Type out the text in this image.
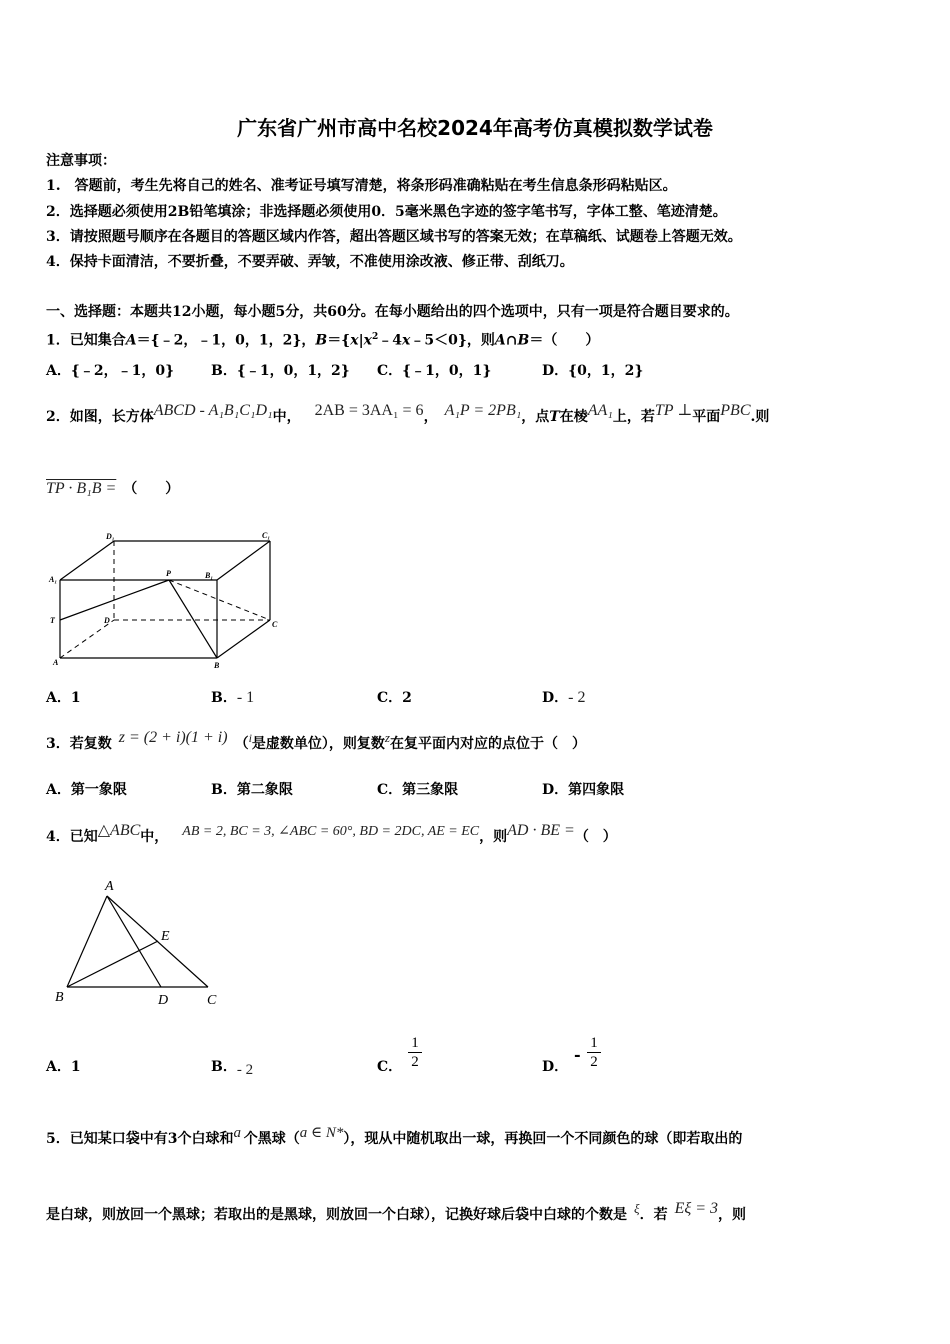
广东省广州市高中名校2024年高考仿真模拟数学试卷
注意事项：
1.　答题前，考生先将自己的姓名、准考证号填写清楚，将条形码准确粘贴在考生信息条形码粘贴区。
2．选择题必须使用2B铅笔填涂；非选择题必须使用0．5毫米黑色字迹的签字笔书写，字体工整、笔迹清楚。
3．请按照题号顺序在各题目的答题区域内作答，超出答题区域书写的答案无效；在草稿纸、试题卷上答题无效。
4．保持卡面清洁，不要折叠，不要弄破、弄皱，不准使用涂改液、修正带、刮纸刀。
一、选择题：本题共12小题，每小题5分，共60分。在每小题给出的四个选项中，只有一项是符合题目要求的。
1．已知集合A＝{﹣2，﹣1，0，1，2}，$B=\{x|x^2﹣4x﹣5<0\}$，则A∩B＝（　　）
A．{﹣2，﹣1，0}	B．{﹣1，0，1，2} C．{﹣1，0，1}	D．{0，1，2}
2．如图，长方体ABCD - A₁B₁C₁D₁中，  2AB = 3AA₁ = 6，  A₁P = 2PB₁，点T在棱AA₁上，若TP ⊥平面PBC.则
TP · B₁B =  （　　）
D₁	C₁
A₁
P	B₁
T	D	C
A	B
A．1	B．- 1	C．2	D．- 2
3．若复数  z = (2 + i)(1 + i)  （i是虚数单位），则复数z在复平面内对应的点位于（　）
A．第一象限	B．第二象限	C．第三象限	D．第四象限
4．已知△ABC中，   AB = 2, BC = 3, ∠ABC = 60°, BD = 2DC, AE = EC，则AD · BE =（　）
A
E
B	D	C
A．1	B．- 2	C． $\frac{1}{2}$	D．
- $\frac{1}{2}$
5．已知某口袋中有3个白球和a  个黑球（a ∈ N*），现从中随机取出一球，再换回一个不同颜色的球（即若取出的
是白球，则放回一个黑球；若取出的是黑球，则放回一个白球），记换好球后袋中白球的个数是  ξ．若  Eξ = 3，则
